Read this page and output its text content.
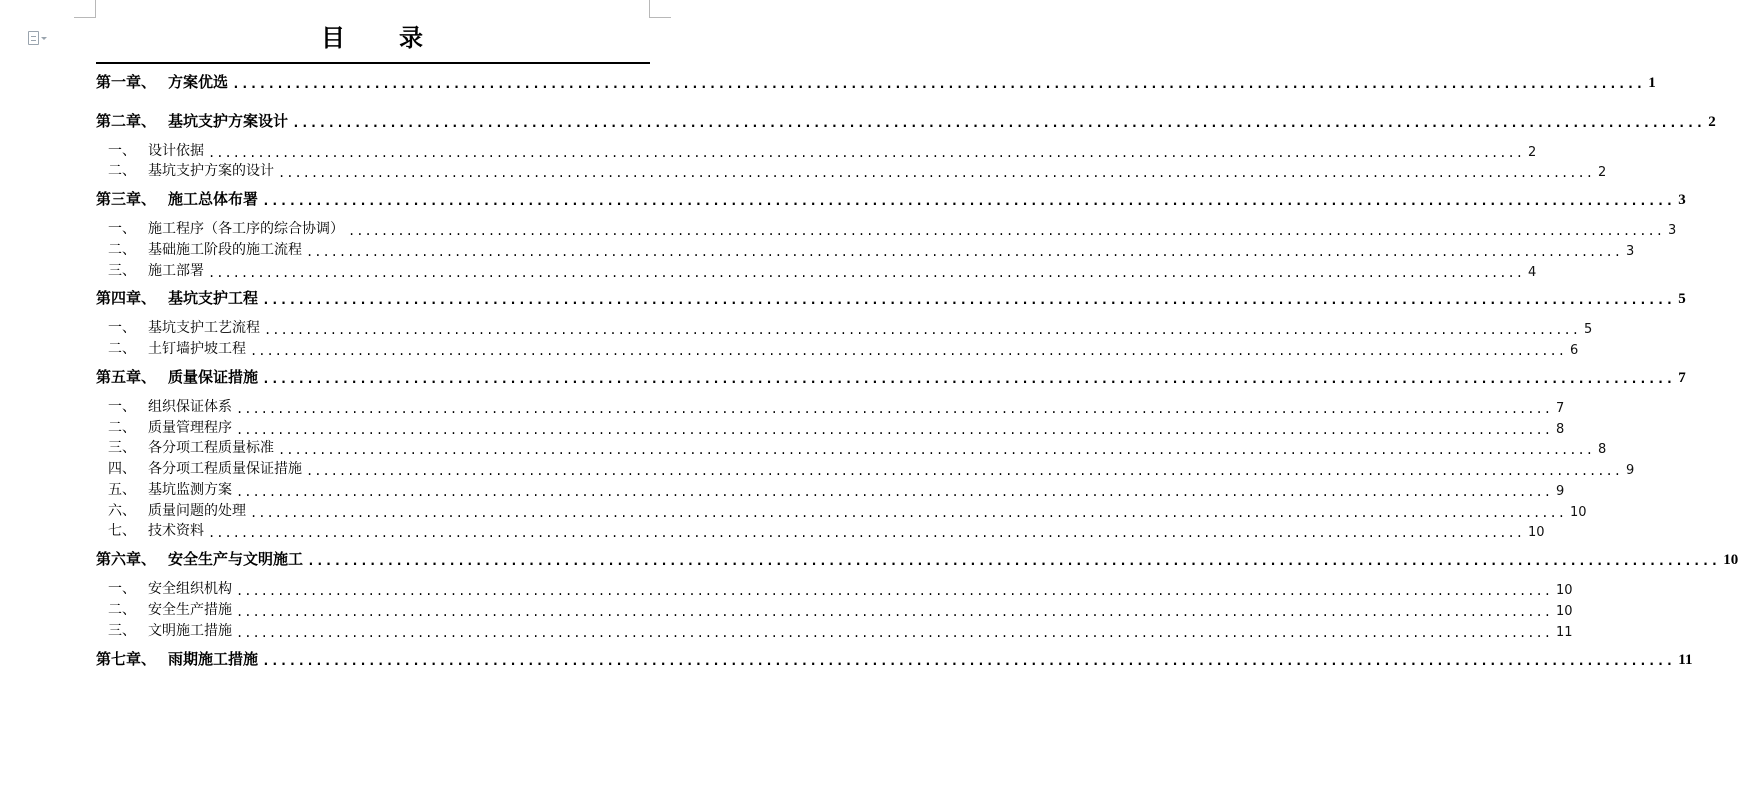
目　　录
第一章、 方案优选 ................................................................................................................................................................ 1
第二章、 基坑支护方案设计 ................................................................................................................................................................ 2
一、 设计依据 ................................................................................................................................................................ 2
二、 基坑支护方案的设计 ................................................................................................................................................................ 2
第三章、 施工总体布署 ................................................................................................................................................................ 3
一、 施工程序（各工序的综合协调） ................................................................................................................................................................ 3
二、 基础施工阶段的施工流程 ................................................................................................................................................................ 3
三、 施工部署 ................................................................................................................................................................ 4
第四章、 基坑支护工程 ................................................................................................................................................................ 5
一、 基坑支护工艺流程 ................................................................................................................................................................ 5
二、 土钉墙护坡工程 ................................................................................................................................................................ 6
第五章、 质量保证措施 ................................................................................................................................................................ 7
一、 组织保证体系 ................................................................................................................................................................ 7
二、 质量管理程序 ................................................................................................................................................................ 8
三、 各分项工程质量标准 ................................................................................................................................................................ 8
四、 各分项工程质量保证措施 ................................................................................................................................................................ 9
五、 基坑监测方案 ................................................................................................................................................................ 9
六、 质量问题的处理 ................................................................................................................................................................ 10
七、 技术资料 ................................................................................................................................................................ 10
第六章、 安全生产与文明施工 ................................................................................................................................................................ 10
一、 安全组织机构 ................................................................................................................................................................ 10
二、 安全生产措施 ................................................................................................................................................................ 10
三、 文明施工措施 ................................................................................................................................................................ 11
第七章、 雨期施工措施 ................................................................................................................................................................ 11
